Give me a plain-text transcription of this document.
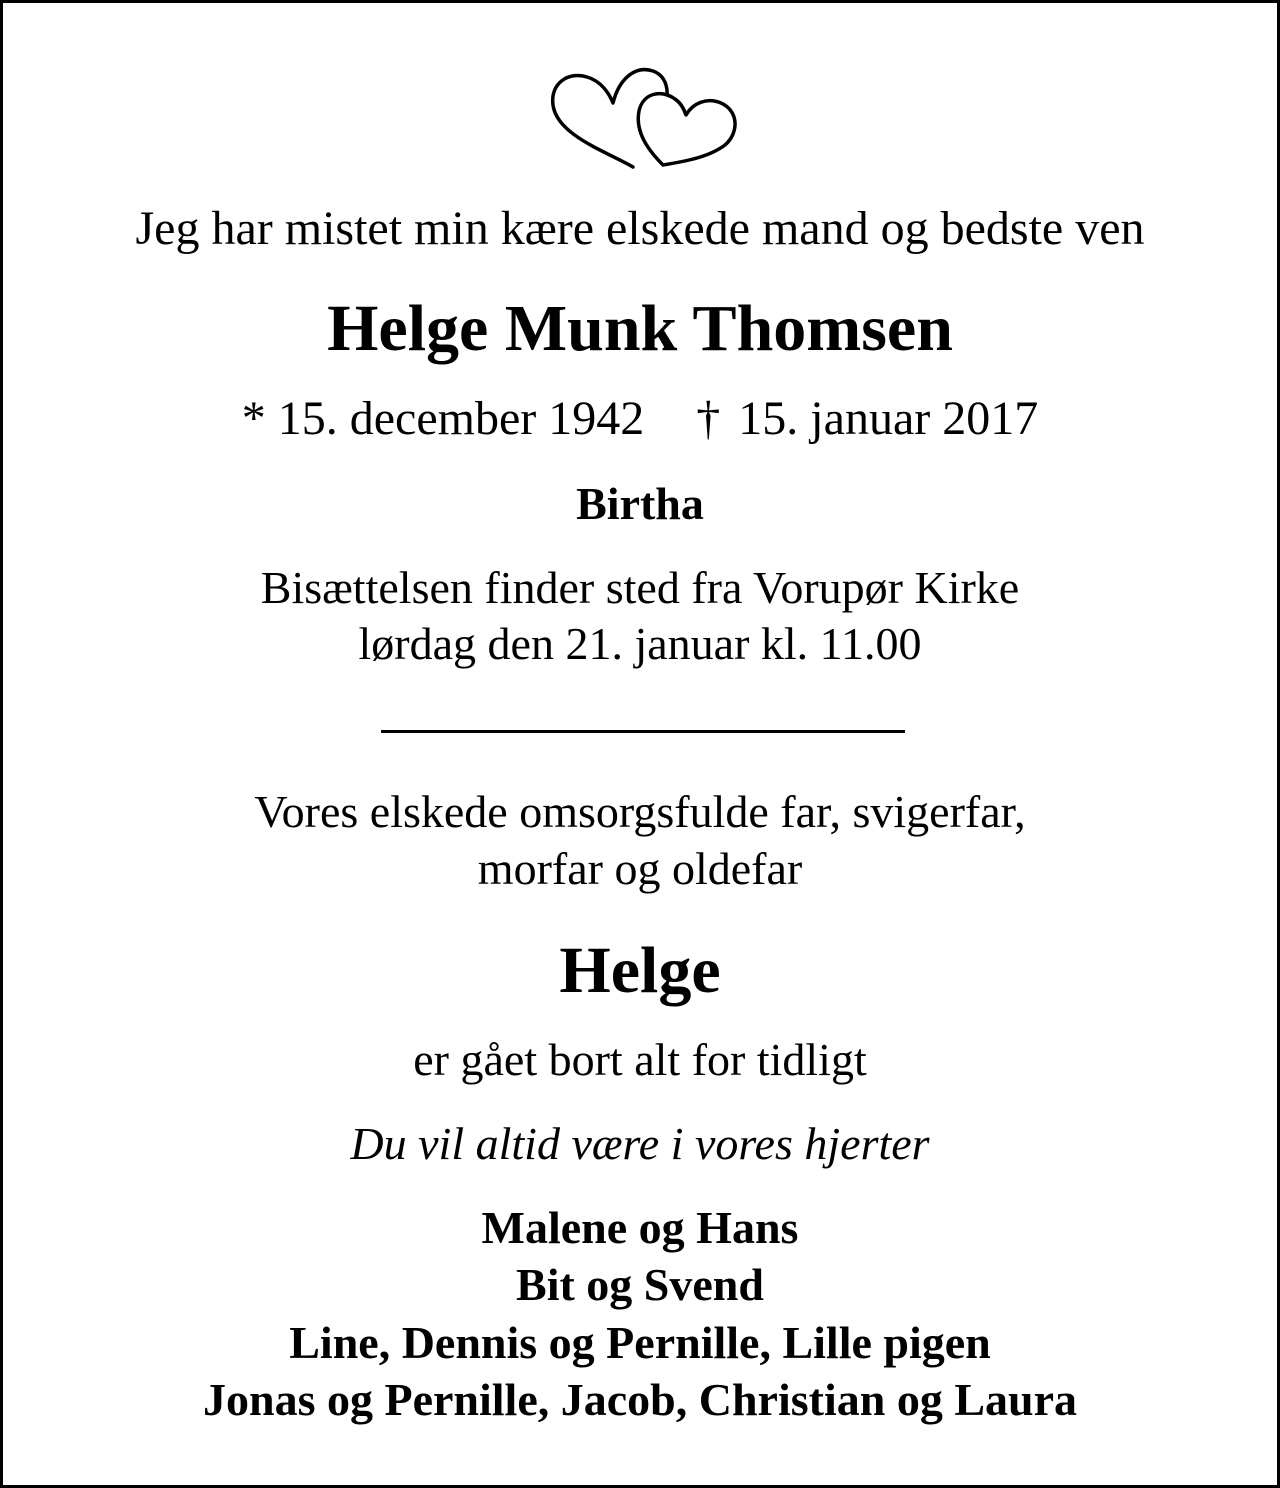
Jeg har mistet min kære elskede mand og bedste ven
Helge Munk Thomsen
* 15. december 1942 † 15. januar 2017
Birtha
Bisættelsen finder sted fra Vorupør Kirke
lørdag den 21. januar kl. 11.00
Vores elskede omsorgsfulde far, svigerfar,
morfar og oldefar
Helge
er gået bort alt for tidligt
Du vil altid være i vores hjerter
Malene og Hans
Bit og Svend
Line, Dennis og Pernille, Lille pigen
Jonas og Pernille, Jacob, Christian og Laura
